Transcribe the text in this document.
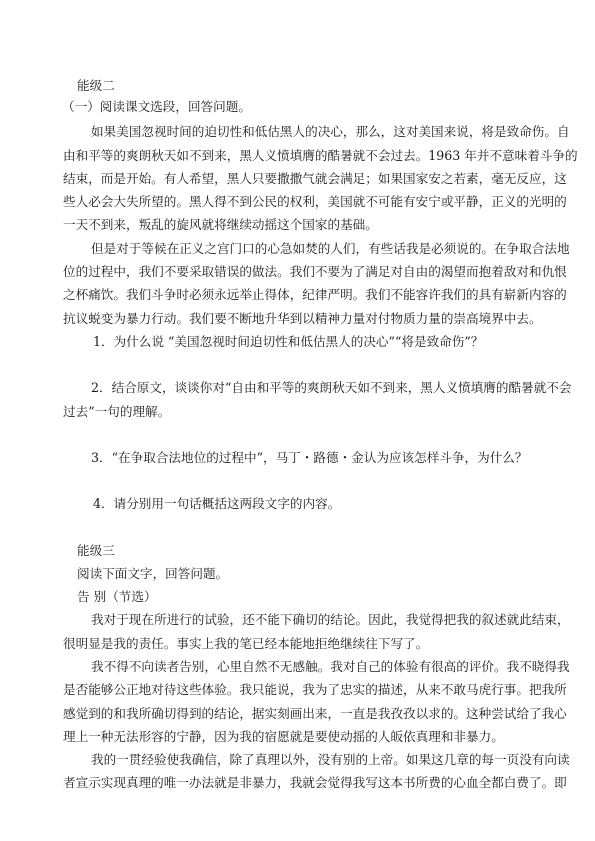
能级二

（一）阅读课文选段，回答问题。

如果美国忽视时间的迫切性和低估黑人的决心，那么，这对美国来说，将是致命伤。自

由和平等的爽朗秋天如不到来，黑人义愤填膺的酷暑就不会过去。1963 年并不意味着斗争的

结束，而是开始。有人希望，黑人只要撒撒气就会满足；如果国家安之若素，毫无反应，这

些人必会大失所望的。黑人得不到公民的权利，美国就不可能有安宁或平静，正义的光明的

一天不到来，叛乱的旋风就将继续动摇这个国家的基础。

但是对于等候在正义之宫门口的心急如焚的人们，有些话我是必须说的。在争取合法地

位的过程中，我们不要采取错误的做法。我们不要为了满足对自由的渴望而抱着敌对和仇恨

之杯痛饮。我们斗争时必须永远举止得体，纪律严明。我们不能容许我们的具有崭新内容的

抗议蜕变为暴力行动。我们要不断地升华到以精神力量对付物质力量的崇高境界中去。

1．为什么说 “美国忽视时间迫切性和低估黑人的决心”“将是致命伤”？

2．结合原文，谈谈你对“自由和平等的爽朗秋天如不到来，黑人义愤填膺的酷暑就不会

过去”一句的理解。

3．“在争取合法地位的过程中”，马丁・路德・金认为应该怎样斗争，为什么？

4．请分别用一句话概括这两段文字的内容。

能级三

阅读下面文字，回答问题。

告 别（节选）

我对于现在所进行的试验，还不能下确切的结论。因此，我觉得把我的叙述就此结束，

很明显是我的责任。事实上我的笔已经本能地拒绝继续往下写了。

我不得不向读者告别，心里自然不无感触。我对自己的体验有很高的评价。我不晓得我

是否能够公正地对待这些体验。我只能说，我为了忠实的描述，从来不敢马虎行事。把我所

感觉到的和我所确切得到的结论，据实刻画出来，一直是我孜孜以求的。这种尝试给了我心

理上一种无法形容的宁静，因为我的宿愿就是要使动摇的人皈依真理和非暴力。

我的一贯经验使我确信，除了真理以外，没有别的上帝。如果这几章的每一页没有向读

者宣示实现真理的唯一办法就是非暴力，我就会觉得我写这本书所费的心血全都白费了。即
